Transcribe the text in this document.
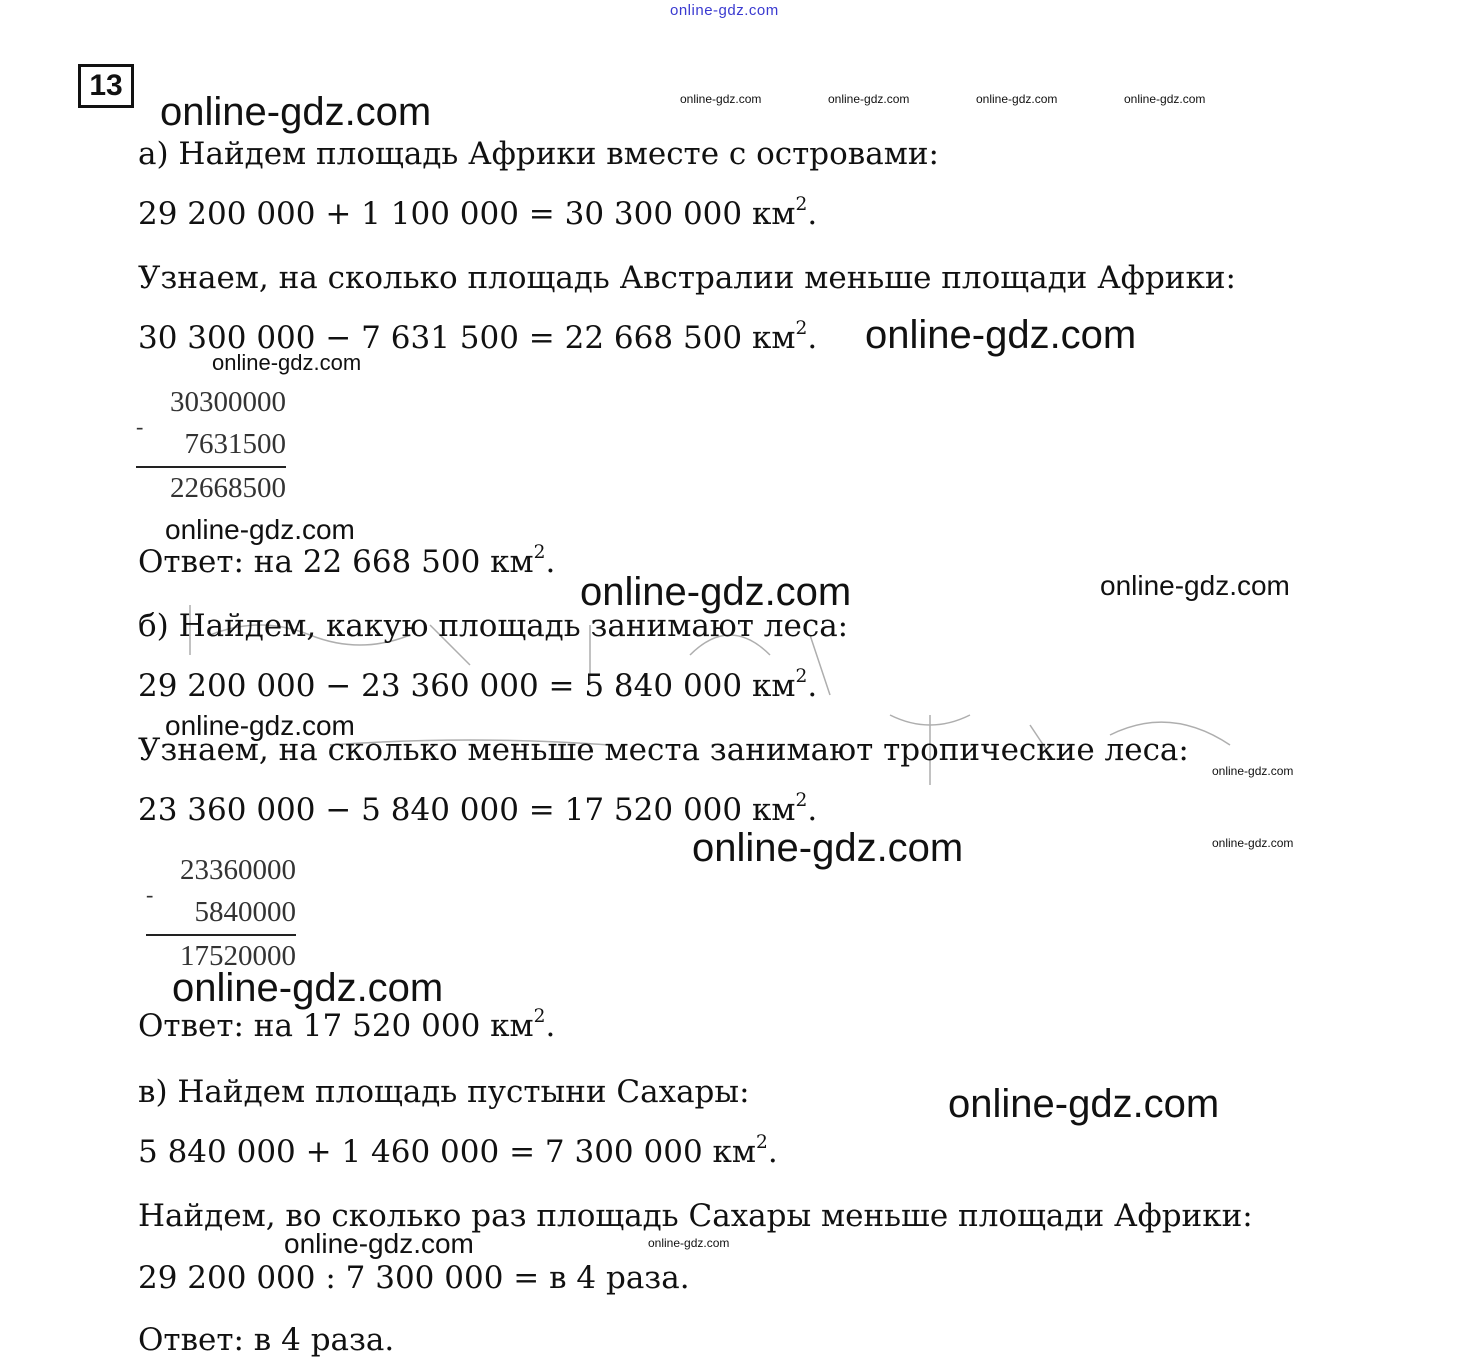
online-gdz.com
13
online-gdz.com	online-gdz.com	online-gdz.com	online-gdz.com	online-gdz.com
online-gdz.com
online-gdz.com
online-gdz.com
online-gdz.com	online-gdz.com
online-gdz.com
online-gdz.com
online-gdz.com
online-gdz.com
online-gdz.com
online-gdz.com
online-gdz.com	online-gdz.com
а) Найдем площадь Африки вместе с островами:
29 200 000 + 1 100 000 = 30 300 000 $км^2$.
Узнаем, на сколько площадь Австралии меньше площади Африки:
30 300 000 − 7 631 500 = 22 668 500 $км^2$.
30300000
-
7631500
22668500
Ответ: на 22 668 500 $км^2$.
б) Найдем, какую площадь занимают леса:
29 200 000 − 23 360 000 = 5 840 000 $км^2$.
Узнаем, на сколько меньше места занимают тропические леса:
23 360 000 − 5 840 000 = 17 520 000 $км^2$.
23360000
-
5840000
17520000
Ответ: на 17 520 000 $км^2$.
в) Найдем площадь пустыни Сахары:
5 840 000 + 1 460 000 = 7 300 000 $км^2$.
Найдем, во сколько раз площадь Сахары меньше площади Африки:
29 200 000 : 7 300 000 = в 4 раза.
Ответ: в 4 раза.
